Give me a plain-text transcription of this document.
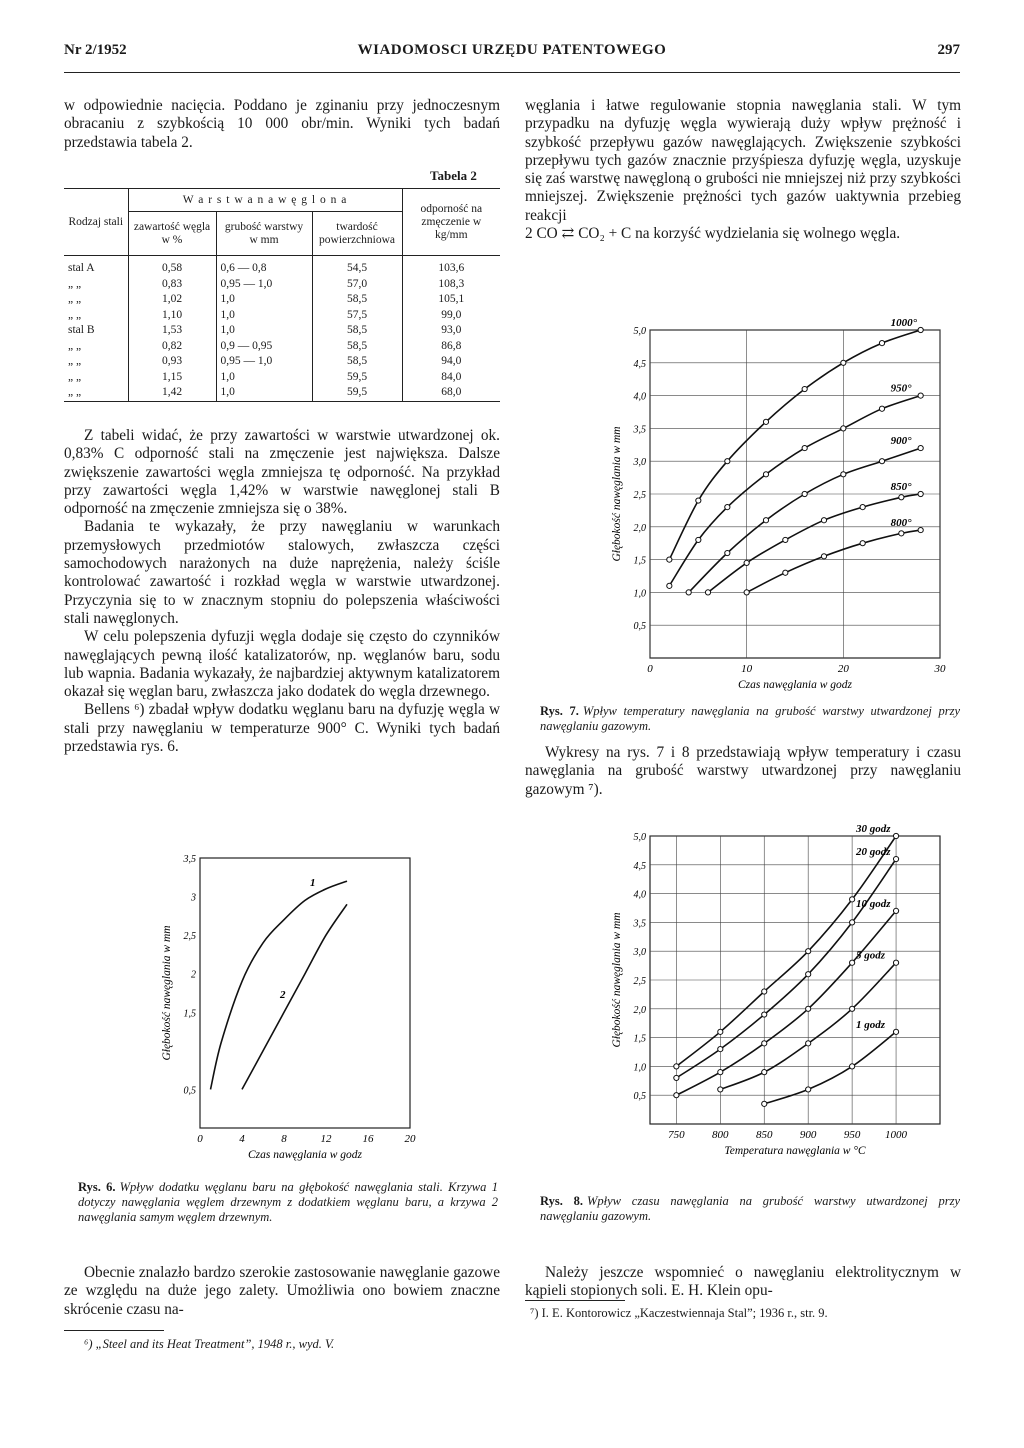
Nr 2/1952	WIADOMOSCI URZĘDU PATENTOWEGO	297

w odpowiednie nacięcia. Poddano je zginaniu przy jednoczesnym obracaniu z szybkością 10 000 obr/min. Wyniki tych badań przedstawia tabela 2.

Tabela 2
Rodzaj stali	W a r s t w a n a w ę g l o n a			odporność na zmęczenie w kg/mm
	zawartość węgla w %	grubość warstwy w mm	twardość powierzchniowa	
stal A	0,58	0,6 — 0,8	54,5	103,6
„ „	0,83	0,95 — 1,0	57,0	108,3
„ „	1,02	1,0	58,5	105,1
„ „	1,10	1,0	57,5	99,0
stal B	1,53	1,0	58,5	93,0
„ „	0,82	0,9 — 0,95	58,5	86,8
„ „	0,93	0,95 — 1,0	58,5	94,0
„ „	1,15	1,0	59,5	84,0
„ „	1,42	1,0	59,5	68,0

Z tabeli widać, że przy zawartości w warstwie utwardzonej ok. 0,83% C odporność stali na zmęczenie jest największa. Dalsze zwiększenie zawartości węgla zmniejsza tę odporność. Na przykład przy zawartości węgla 1,42% w warstwie nawęglonej stali B odporność na zmęczenie zmniejsza się o 38%.

Badania te wykazały, że przy nawęglaniu w warunkach przemysłowych przedmiotów stalowych, zwłaszcza części samochodowych narażonych na duże naprężenia, należy ściśle kontrolować zawartość i rozkład węgla w warstwie utwardzonej. Przyczynia się to w znacznym stopniu do polepszenia właściwości stali nawęglonych.

W celu polepszenia dyfuzji węgla dodaje się często do czynników nawęglających pewną ilość katalizatorów, np. węglanów baru, sodu lub wapnia. Badania wykazały, że najbardziej aktywnym katalizatorem okazał się węglan baru, zwłaszcza jako dodatek do węgla drzewnego.

Bellens ⁶) zbadał wpływ dodatku węglanu baru na dyfuzję węgla w stali przy nawęglaniu w temperaturze 900° C. Wyniki tych badań przedstawia rys. 6.

0	4	8	12	16	20
0,5
1,5
2
2,5
3
3,5
Czas nawęglania w godz
Głębokość nawęglania w mm
1
2
Rys. 6. Wpływ dodatku węglanu baru na głębokość nawęglania stali. Krzywa 1 dotyczy nawęglania węglem drzewnym z dodatkiem węglanu baru, a krzywa 2 nawęglania samym węglem drzewnym.

Obecnie znalazło bardzo szerokie zastosowanie nawęglanie gazowe ze względu na duże jego zalety. Umożliwia ono bowiem znaczne skrócenie czasu na-

⁶) „Steel and its Heat Treatment”, 1948 r., wyd. V.

węglania i łatwe regulowanie stopnia nawęglania stali. W tym przypadku na dyfuzję węgla wywierają duży wpływ prężność i szybkość przepływu gazów nawęglających. Zwiększenie szybkości przepływu tych gazów znacznie przyśpiesza dyfuzję węgla, uzyskuje się zaś warstwę nawęgloną o grubości nie mniejszej niż przy szybkości mniejszej. Zwiększenie prężności tych gazów uaktywnia przebieg reakcji

2 CO ⇄ CO₂ + C na korzyść wydzielania się wolnego węgla.

0	10	20	30
0,5
1,0
1,5
2,0
2,5
3,0
3,5
4,0
4,5
5,0
Czas nawęglania w godz
Głębokość nawęglania w mm
1000°
950°
900°
850°
800°
Rys. 7. Wpływ temperatury nawęglania na grubość warstwy utwardzonej przy nawęglaniu gazowym.

Wykresy na rys. 7 i 8 przedstawiają wpływ temperatury i czasu nawęglania na grubość warstwy utwardzonej przy nawęglaniu gazowym ⁷).

750 800 850 900 950 1000
0,5
1,0
1,5
2,0
2,5
3,0
3,5
4,0
4,5
5,0
Temperatura nawęglania w °C
Głębokość nawęglania w mm
30 godz
20 godz
10 godz
5 godz
1 godz
Rys. 8. Wpływ czasu nawęglania na grubość warstwy utwardzonej przy nawęglaniu gazowym.

Należy jeszcze wspomnieć o nawęglaniu elektrolitycznym w kąpieli stopionych soli. E. H. Klein opu-

⁷) I. E. Kontorowicz „Kaczestwiennaja Stal”; 1936 r., str. 9.
